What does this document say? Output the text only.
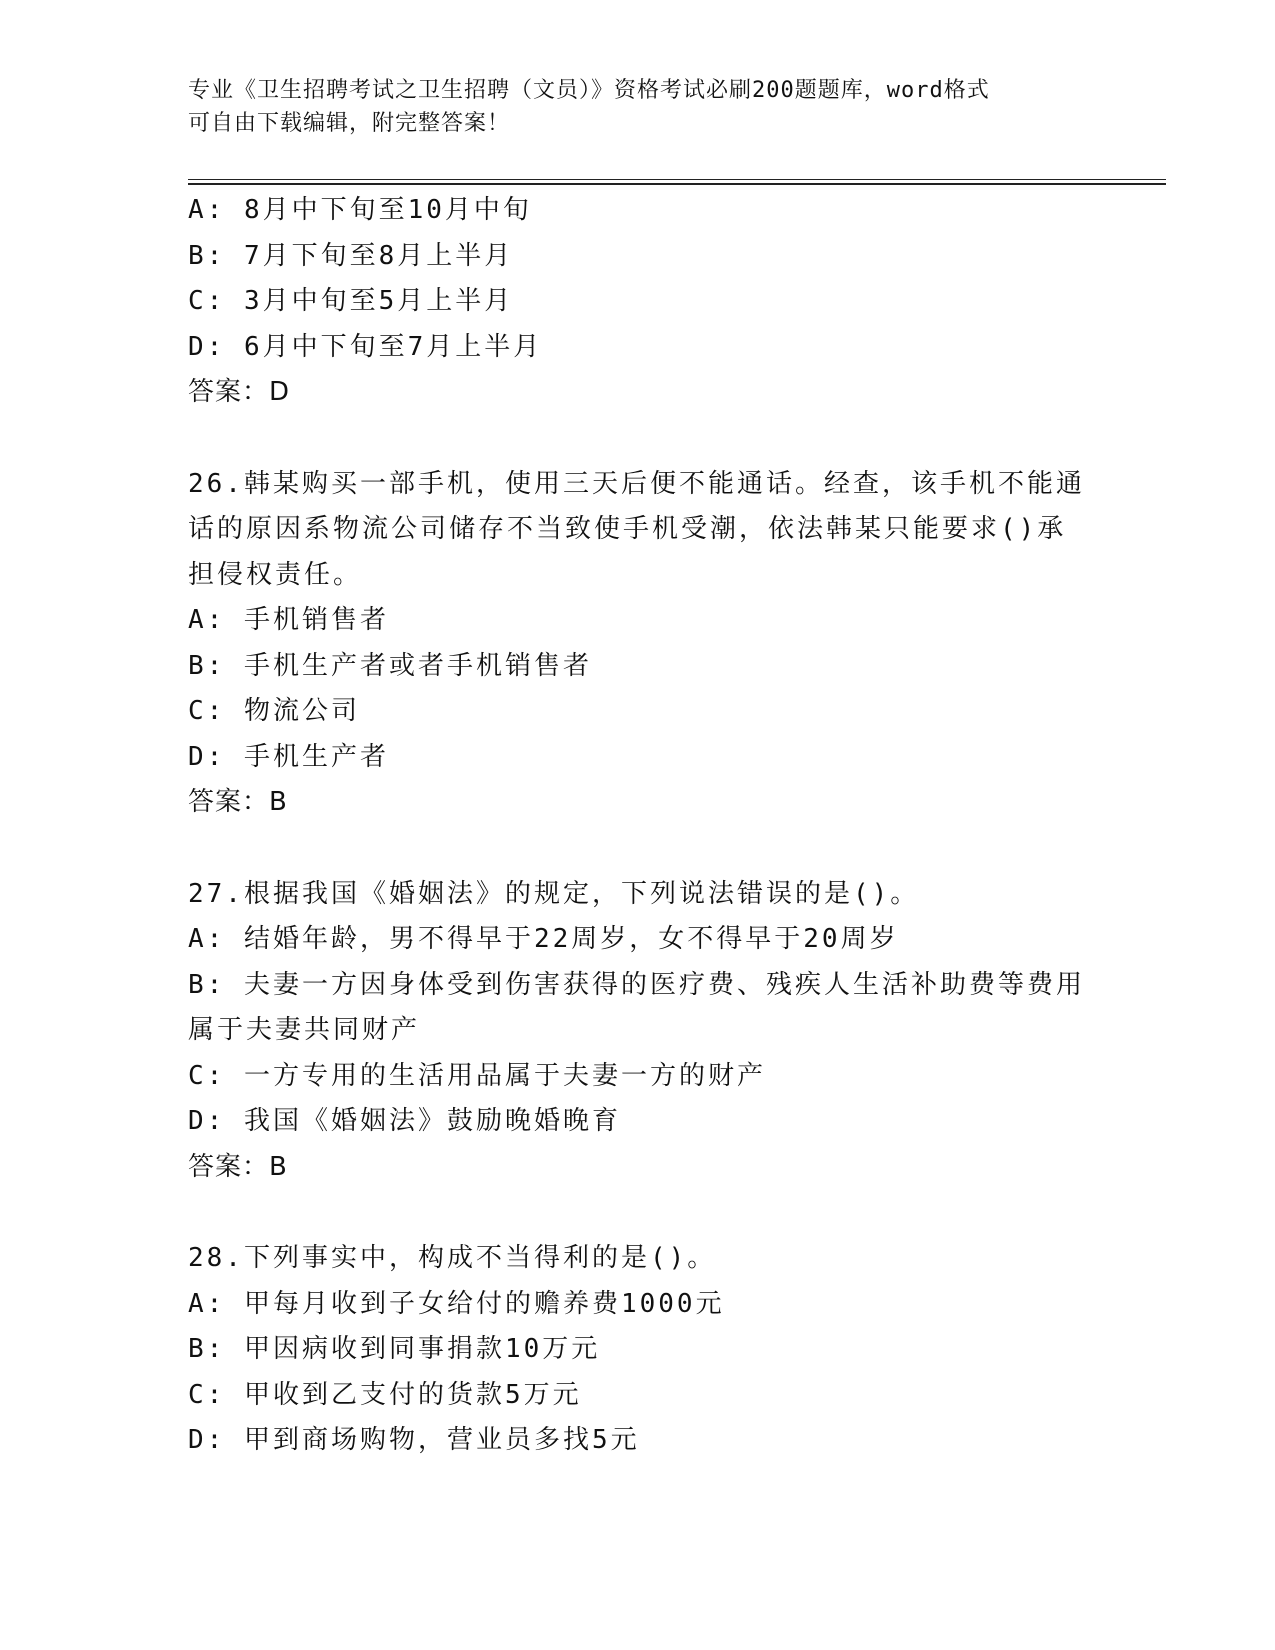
专业《卫生招聘考试之卫生招聘（文员）》资格考试必刷200题题库，word格式
可自由下载编辑，附完整答案！
A: 8月中下旬至10月中旬
B: 7月下旬至8月上半月
C: 3月中旬至5月上半月
D: 6月中下旬至7月上半月
答案：D
26.韩某购买一部手机，使用三天后便不能通话。经查，该手机不能通
话的原因系物流公司储存不当致使手机受潮，依法韩某只能要求()承
担侵权责任。
A: 手机销售者
B: 手机生产者或者手机销售者
C: 物流公司
D: 手机生产者
答案：B
27.根据我国《婚姻法》的规定，下列说法错误的是()。
A: 结婚年龄，男不得早于22周岁，女不得早于20周岁
B: 夫妻一方因身体受到伤害获得的医疗费、残疾人生活补助费等费用
属于夫妻共同财产
C: 一方专用的生活用品属于夫妻一方的财产
D: 我国《婚姻法》鼓励晚婚晚育
答案：B
28.下列事实中，构成不当得利的是()。
A: 甲每月收到子女给付的赡养费1000元
B: 甲因病收到同事捐款10万元
C: 甲收到乙支付的货款5万元
D: 甲到商场购物，营业员多找5元
